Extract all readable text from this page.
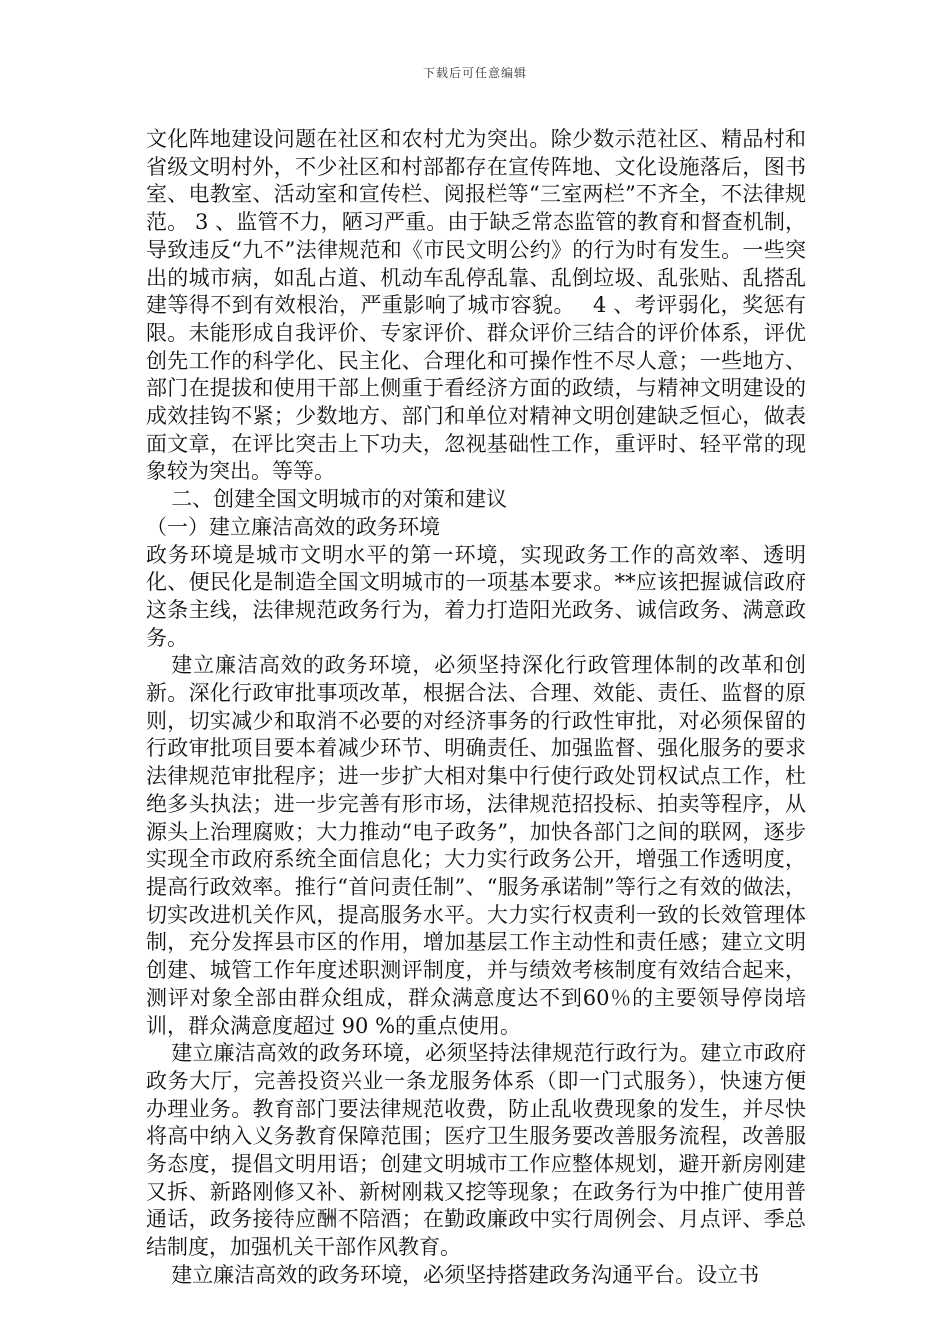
下载后可任意编辑

文化阵地建设问题在社区和农村尤为突出。除少数示范社区、精品村和省级文明村外，不少社区和村部都存在宣传阵地、文化设施落后，图书室、电教室、活动室和宣传栏、阅报栏等“三室两栏”不齐全，不法律规范。 3 、监管不力，陋习严重。由于缺乏常态监管的教育和督查机制，导致违反“九不”法律规范和《市民文明公约》的行为时有发生。一些突出的城市病，如乱占道、机动车乱停乱靠、乱倒垃圾、乱张贴、乱搭乱建等得不到有效根治，严重影响了城市容貌。　 4 、考评弱化，奖惩有限。未能形成自我评价、专家评价、群众评价三结合的评价体系，评优创先工作的科学化、民主化、合理化和可操作性不尽人意；一些地方、部门在提拔和使用干部上侧重于看经济方面的政绩，与精神文明建设的成效挂钩不紧；少数地方、部门和单位对精神文明创建缺乏恒心，做表面文章，在评比突击上下功夫，忽视基础性工作，重评时、轻平常的现象较为突出。等等。

二、创建全国文明城市的对策和建议

（一）建立廉洁高效的政务环境

政务环境是城市文明水平的第一环境，实现政务工作的高效率、透明化、便民化是制造全国文明城市的一项基本要求。**应该把握诚信政府这条主线，法律规范政务行为，着力打造阳光政务、诚信政务、满意政务。

建立廉洁高效的政务环境，必须坚持深化行政管理体制的改革和创新。深化行政审批事项改革，根据合法、合理、效能、责任、监督的原则，切实减少和取消不必要的对经济事务的行政性审批，对必须保留的行政审批项目要本着减少环节、明确责任、加强监督、强化服务的要求法律规范审批程序；进一步扩大相对集中行使行政处罚权试点工作，杜绝多头执法；进一步完善有形市场，法律规范招投标、拍卖等程序，从源头上治理腐败；大力推动“电子政务”，加快各部门之间的联网，逐步实现全市政府系统全面信息化；大力实行政务公开，增强工作透明度，提高行政效率。推行“首问责任制”、“服务承诺制”等行之有效的做法，切实改进机关作风，提高服务水平。大力实行权责利一致的长效管理体制，充分发挥县市区的作用，增加基层工作主动性和责任感；建立文明创建、城管工作年度述职测评制度，并与绩效考核制度有效结合起来，测评对象全部由群众组成，群众满意度达不到60％的主要领导停岗培训，群众满意度超过 90 %的重点使用。

建立廉洁高效的政务环境，必须坚持法律规范行政行为。建立市政府政务大厅，完善投资兴业一条龙服务体系（即一门式服务），快速方便办理业务。教育部门要法律规范收费，防止乱收费现象的发生，并尽快将高中纳入义务教育保障范围；医疗卫生服务要改善服务流程，改善服务态度，提倡文明用语；创建文明城市工作应整体规划，避开新房刚建又拆、新路刚修又补、新树刚栽又挖等现象；在政务行为中推广使用普通话，政务接待应酬不陪酒；在勤政廉政中实行周例会、月点评、季总结制度，加强机关干部作风教育。

建立廉洁高效的政务环境，必须坚持搭建政务沟通平台。设立书
